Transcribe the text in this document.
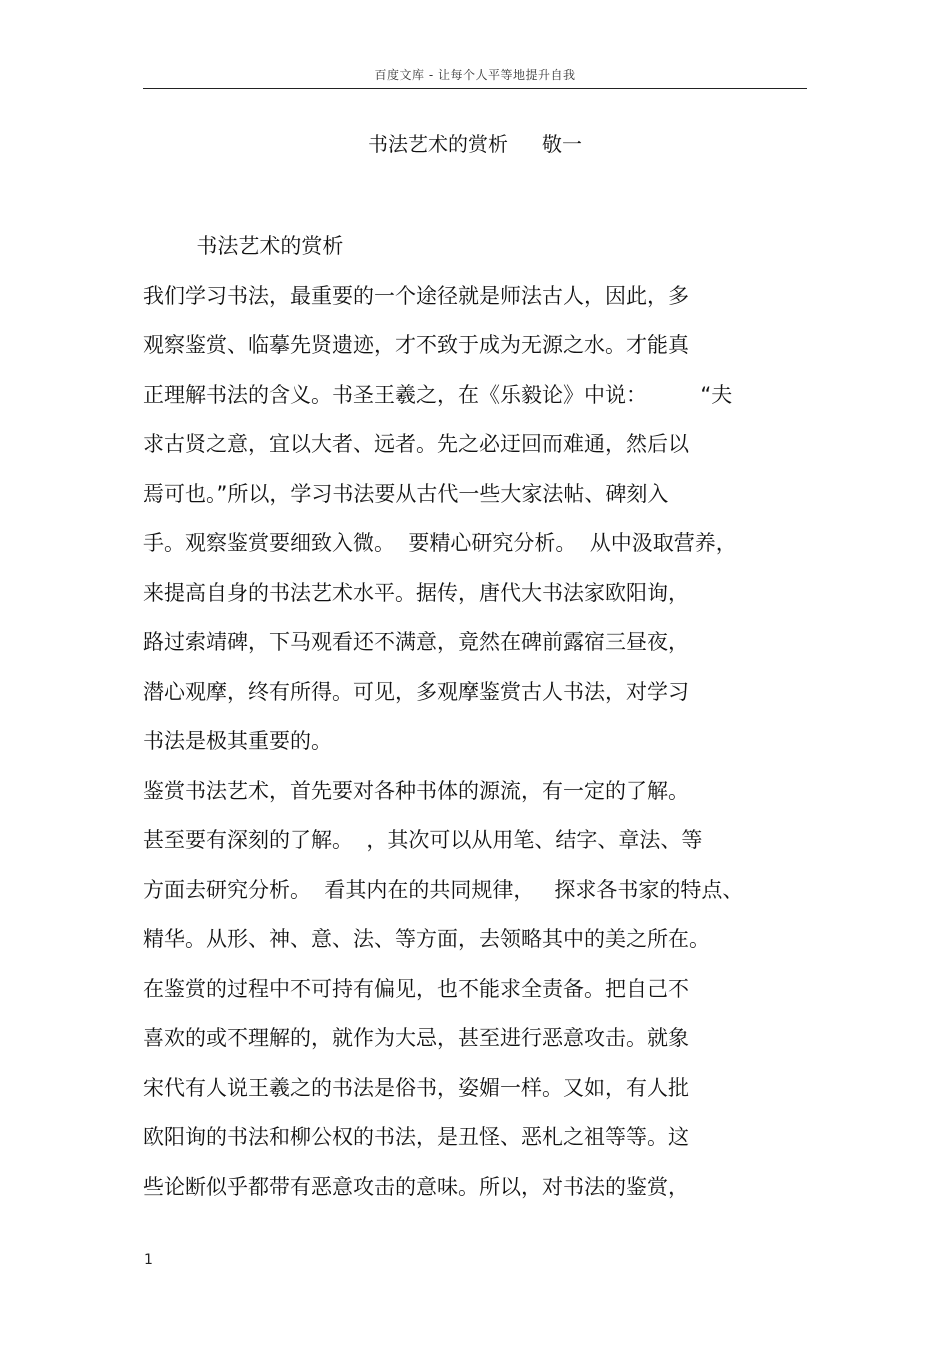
百度文库 - 让每个人平等地提升自我
书法艺术的赏析 敬一
书法艺术的赏析
我们学习书法，最重要的一个途径就是师法古人，因此，多
观察鉴赏、临摹先贤遗迹，才不致于成为无源之水。才能真
正理解书法的含义。书圣王羲之，在《乐毅论》中说：        “夫
求古贤之意，宜以大者、远者。先之必迂回而难通，然后以
焉可也。”所以，学习书法要从古代一些大家法帖、碑刻入
手。观察鉴赏要细致入微。  要精心研究分析。  从中汲取营养，
来提高自身的书法艺术水平。据传，唐代大书法家欧阳询，
路过索靖碑，下马观看还不满意，竟然在碑前露宿三昼夜，
潜心观摩，终有所得。可见，多观摩鉴赏古人书法，对学习
书法是极其重要的。
鉴赏书法艺术，首先要对各种书体的源流，有一定的了解。
甚至要有深刻的了解。  ，其次可以从用笔、结字、章法、等
方面去研究分析。  看其内在的共同规律，   探求各书家的特点、
精华。从形、神、意、法、等方面，去领略其中的美之所在。
在鉴赏的过程中不可持有偏见，也不能求全责备。把自己不
喜欢的或不理解的，就作为大忌，甚至进行恶意攻击。就象
宋代有人说王羲之的书法是俗书，姿媚一样。又如，有人批
欧阳询的书法和柳公权的书法，是丑怪、恶札之祖等等。这
些论断似乎都带有恶意攻击的意味。所以，对书法的鉴赏，
1
